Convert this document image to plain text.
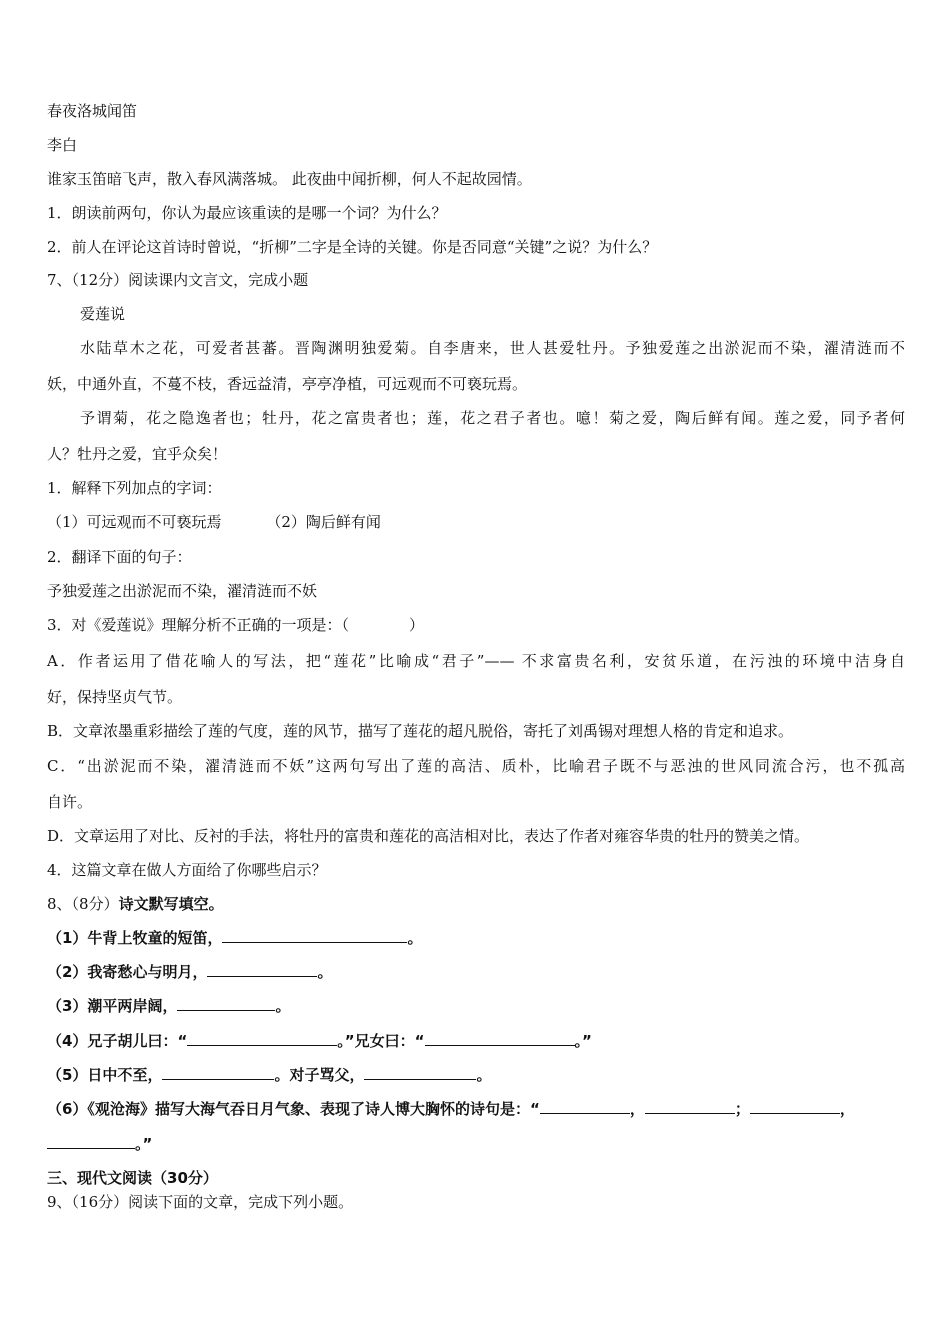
春夜洛城闻笛
李白
谁家玉笛暗飞声，散入春风满落城。 此夜曲中闻折柳，何人不起故园情。
1．朗读前两句，你认为最应该重读的是哪一个词？为什么？
2．前人在评论这首诗时曾说，“折柳”二字是全诗的关键。你是否同意“关键”之说？为什么？
7、（12分）阅读课内文言文，完成小题
爱莲说
水陆草木之花，可爱者甚蕃。晋陶渊明独爱菊。自李唐来，世人甚爱牡丹。予独爱莲之出淤泥而不染，濯清涟而不
妖，中通外直，不蔓不枝，香远益清，亭亭净植，可远观而不可亵玩焉。
予谓菊，花之隐逸者也；牡丹，花之富贵者也；莲，花之君子者也。噫！菊之爱，陶后鲜有闻。莲之爱，同予者何
人？牡丹之爱，宜乎众矣！
1．解释下列加点的字词：
（1）可远观而不可亵玩焉	（2）陶后鲜有闻
2．翻译下面的句子：
予独爱莲之出淤泥而不染，濯清涟而不妖
3．对《爱莲说》理解分析不正确的一项是：（　　　　）
A．作者运用了借花喻人的写法，把“莲花”比喻成“君子”—— 不求富贵名利，安贫乐道，在污浊的环境中洁身自
好，保持坚贞气节。
B．文章浓墨重彩描绘了莲的气度，莲的风节，描写了莲花的超凡脱俗，寄托了刘禹锡对理想人格的肯定和追求。
C．“出淤泥而不染，濯清涟而不妖”这两句写出了莲的高洁、质朴，比喻君子既不与恶浊的世风同流合污，也不孤高
自许。
D．文章运用了对比、反衬的手法，将牡丹的富贵和莲花的高洁相对比，表达了作者对雍容华贵的牡丹的赞美之情。
4．这篇文章在做人方面给了你哪些启示？
8、（8分）诗文默写填空。
（1）牛背上牧童的短笛，	。
（2）我寄愁心与明月，	。
（3）潮平两岸阔，	。
（4）兄子胡儿曰：“	。”兄女曰：“	。”
（5）日中不至，	。对子骂父，	。
（6）《观沧海》描写大海气吞日月气象、表现了诗人博大胸怀的诗句是：“	，	；	，
。”
三、现代文阅读（30分）
9、（16分）阅读下面的文章，完成下列小题。
